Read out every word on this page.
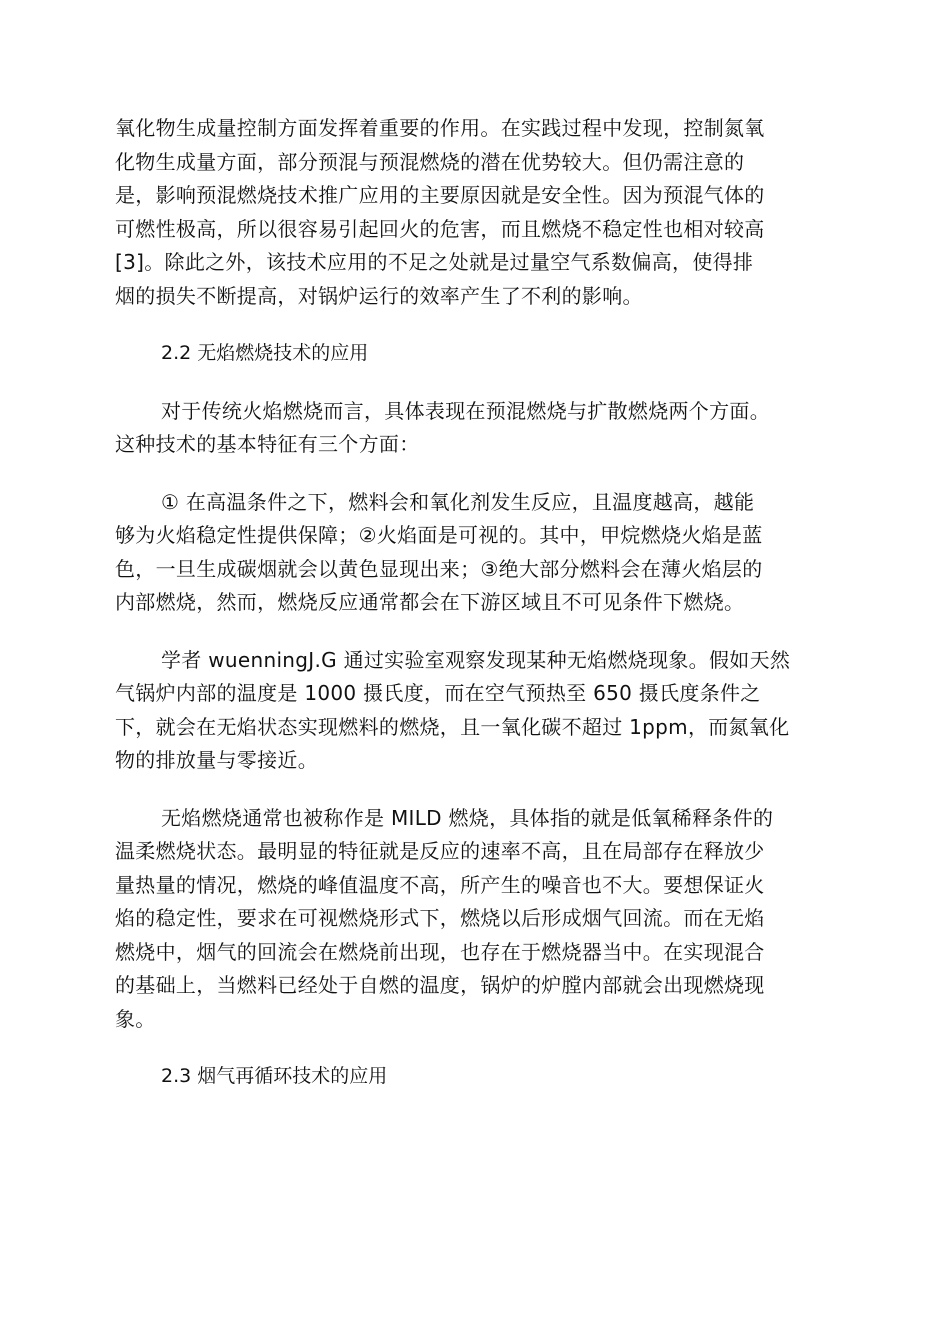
氧化物生成量控制方面发挥着重要的作用。在实践过程中发现，控制氮氧
化物生成量方面，部分预混与预混燃烧的潜在优势较大。但仍需注意的
是，影响预混燃烧技术推广应用的主要原因就是安全性。因为预混气体的
可燃性极高，所以很容易引起回火的危害，而且燃烧不稳定性也相对较高
[3]。除此之外，该技术应用的不足之处就是过量空气系数偏高，使得排
烟的损失不断提高，对锅炉运行的效率产生了不利的影响。

2.2 无焰燃烧技术的应用

对于传统火焰燃烧而言，具体表现在预混燃烧与扩散燃烧两个方面。
这种技术的基本特征有三个方面：

① 在高温条件之下，燃料会和氧化剂发生反应，且温度越高，越能
够为火焰稳定性提供保障；②火焰面是可视的。其中，甲烷燃烧火焰是蓝
色，一旦生成碳烟就会以黄色显现出来；③绝大部分燃料会在薄火焰层的
内部燃烧，然而，燃烧反应通常都会在下游区域且不可见条件下燃烧。

学者 wuenningJ.G 通过实验室观察发现某种无焰燃烧现象。假如天然
气锅炉内部的温度是 1000 摄氏度，而在空气预热至 650 摄氏度条件之
下，就会在无焰状态实现燃料的燃烧，且一氧化碳不超过 1ppm，而氮氧化
物的排放量与零接近。

无焰燃烧通常也被称作是 MILD 燃烧，具体指的就是低氧稀释条件的
温柔燃烧状态。最明显的特征就是反应的速率不高，且在局部存在释放少
量热量的情况，燃烧的峰值温度不高，所产生的噪音也不大。要想保证火
焰的稳定性，要求在可视燃烧形式下，燃烧以后形成烟气回流。而在无焰
燃烧中，烟气的回流会在燃烧前出现，也存在于燃烧器当中。在实现混合
的基础上，当燃料已经处于自燃的温度，锅炉的炉膛内部就会出现燃烧现
象。

2.3 烟气再循环技术的应用
